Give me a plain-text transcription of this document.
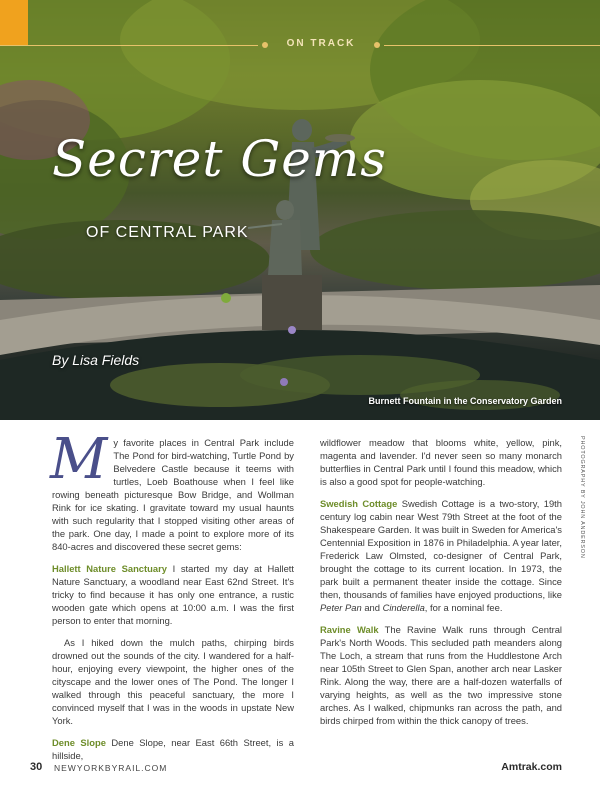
ON TRACK
Secret Gems
OF CENTRAL PARK
By Lisa Fields
Burnett Fountain in the Conservatory Garden

My favorite places in Central Park include The Pond for bird-watching, Turtle Pond by Belvedere Castle because it teems with turtles, Loeb Boathouse when I feel like rowing beneath picturesque Bow Bridge, and Wollman Rink for ice skating. I gravitate toward my usual haunts with such regularity that I stopped visiting other areas of the park. One day, I made a point to explore more of its 840-acres and discovered these secret gems:

Hallett Nature Sanctuary I started my day at Hallett Nature Sanctuary, a woodland near East 62nd Street. It's tricky to find because it has only one entrance, a rustic wooden gate which opens at 10:00 a.m. I was the first person to enter that morning.

As I hiked down the mulch paths, chirping birds drowned out the sounds of the city. I wandered for a half-hour, enjoying every viewpoint, the higher ones of the cityscape and the lower ones of The Pond. The longer I walked through this peaceful sanctuary, the more I convinced myself that I was in the woods in upstate New York.

Dene Slope Dene Slope, near East 66th Street, is a hillside,

wildflower meadow that blooms white, yellow, pink, magenta and lavender. I'd never seen so many monarch butterflies in Central Park until I found this meadow, which is also a good spot for people-watching.

Swedish Cottage Swedish Cottage is a two-story, 19th century log cabin near West 79th Street at the foot of the Shakespeare Garden. It was built in Sweden for America's Centennial Exposition in 1876 in Philadelphia. A year later, Frederick Law Olmsted, co-designer of Central Park, brought the cottage to its current location. In 1973, the park built a permanent theater inside the cottage. Since then, thousands of families have enjoyed productions, like Peter Pan and Cinderella, for a nominal fee.

Ravine Walk The Ravine Walk runs through Central Park's North Woods. This secluded path meanders along The Loch, a stream that runs from the Huddlestone Arch near 105th Street to Glen Span, another arch near Lasker Rink. Along the way, there are a half-dozen waterfalls of varying heights, as well as the two impressive stone arches. As I walked, chipmunks ran across the path, and birds chirped from within the thick canopy of trees.

PHOTOGRAPHY BY JOHN ANDERSON
30 NEWYORKBYRAIL.COM	Amtrak.com
